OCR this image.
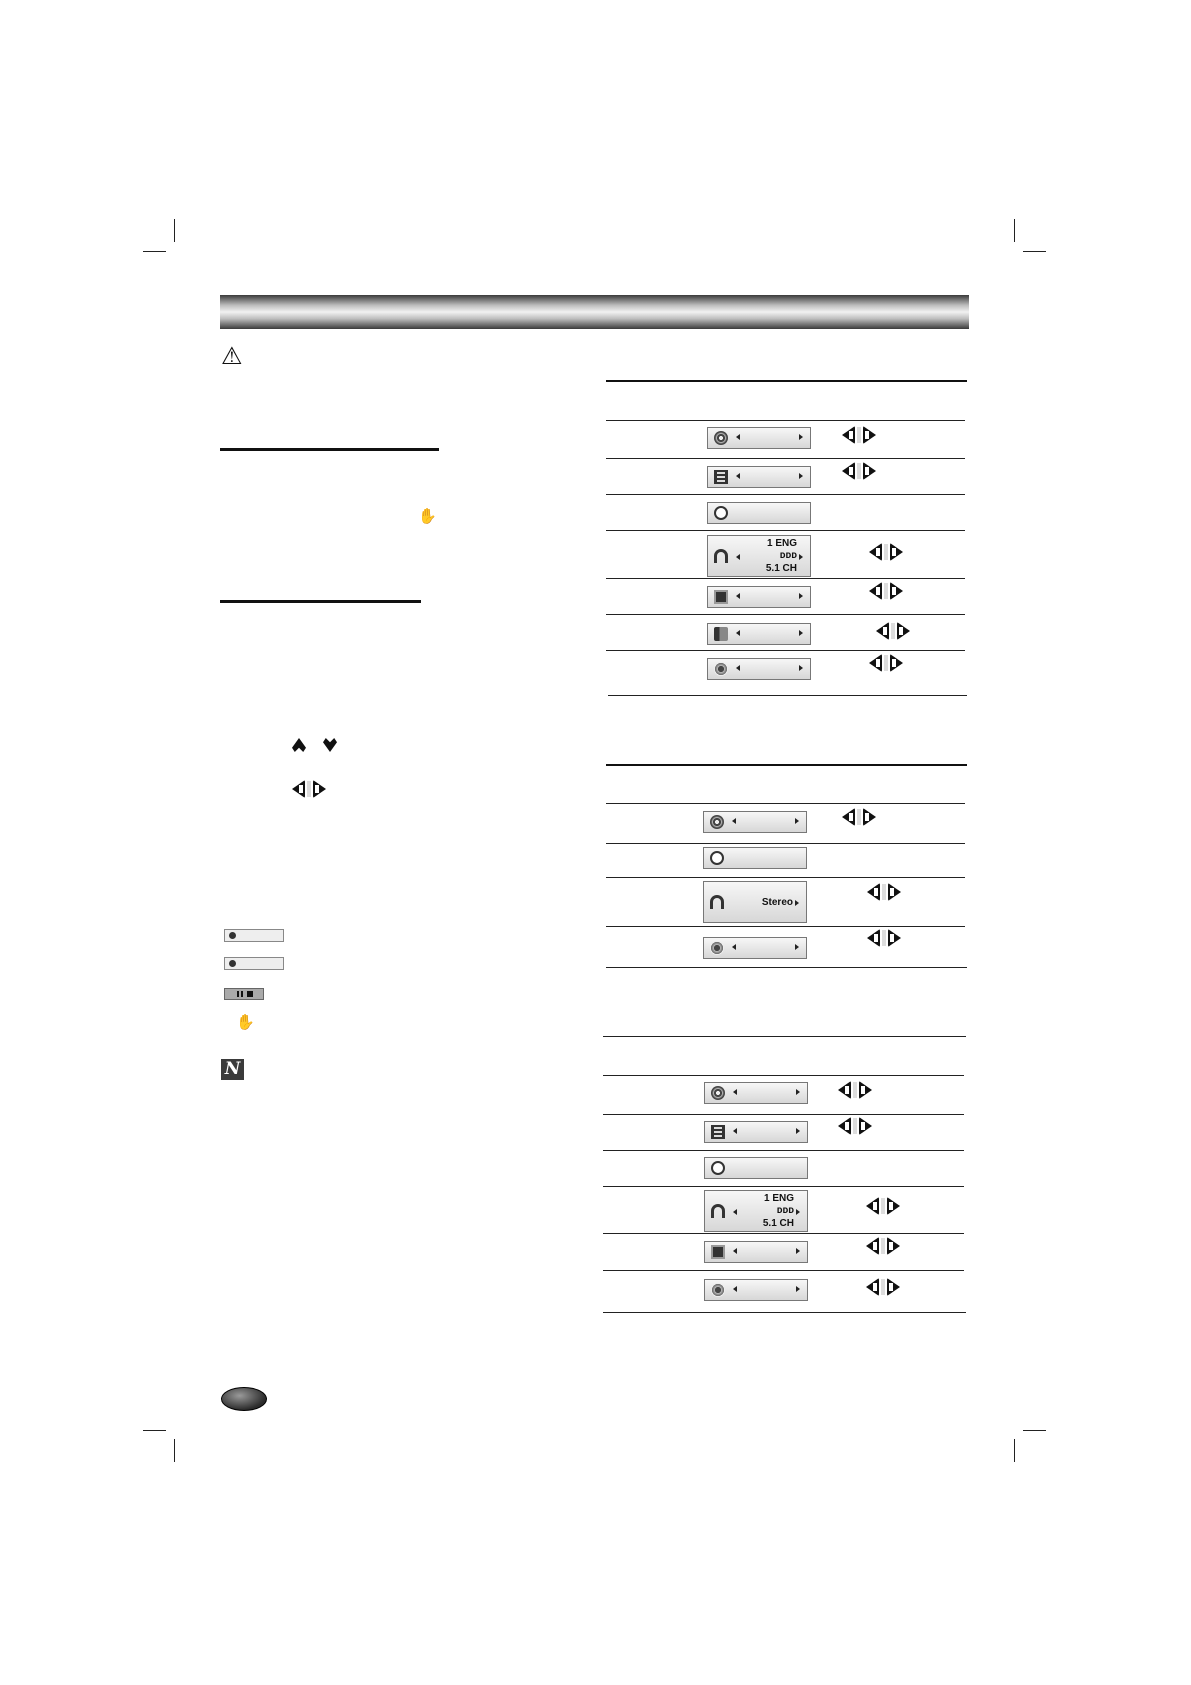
⚠
✋
✋
N
1 ENG
ᴅᴅᴅ
5.1 CH
Stereo
1 ENG
ᴅᴅᴅ
5.1 CH
